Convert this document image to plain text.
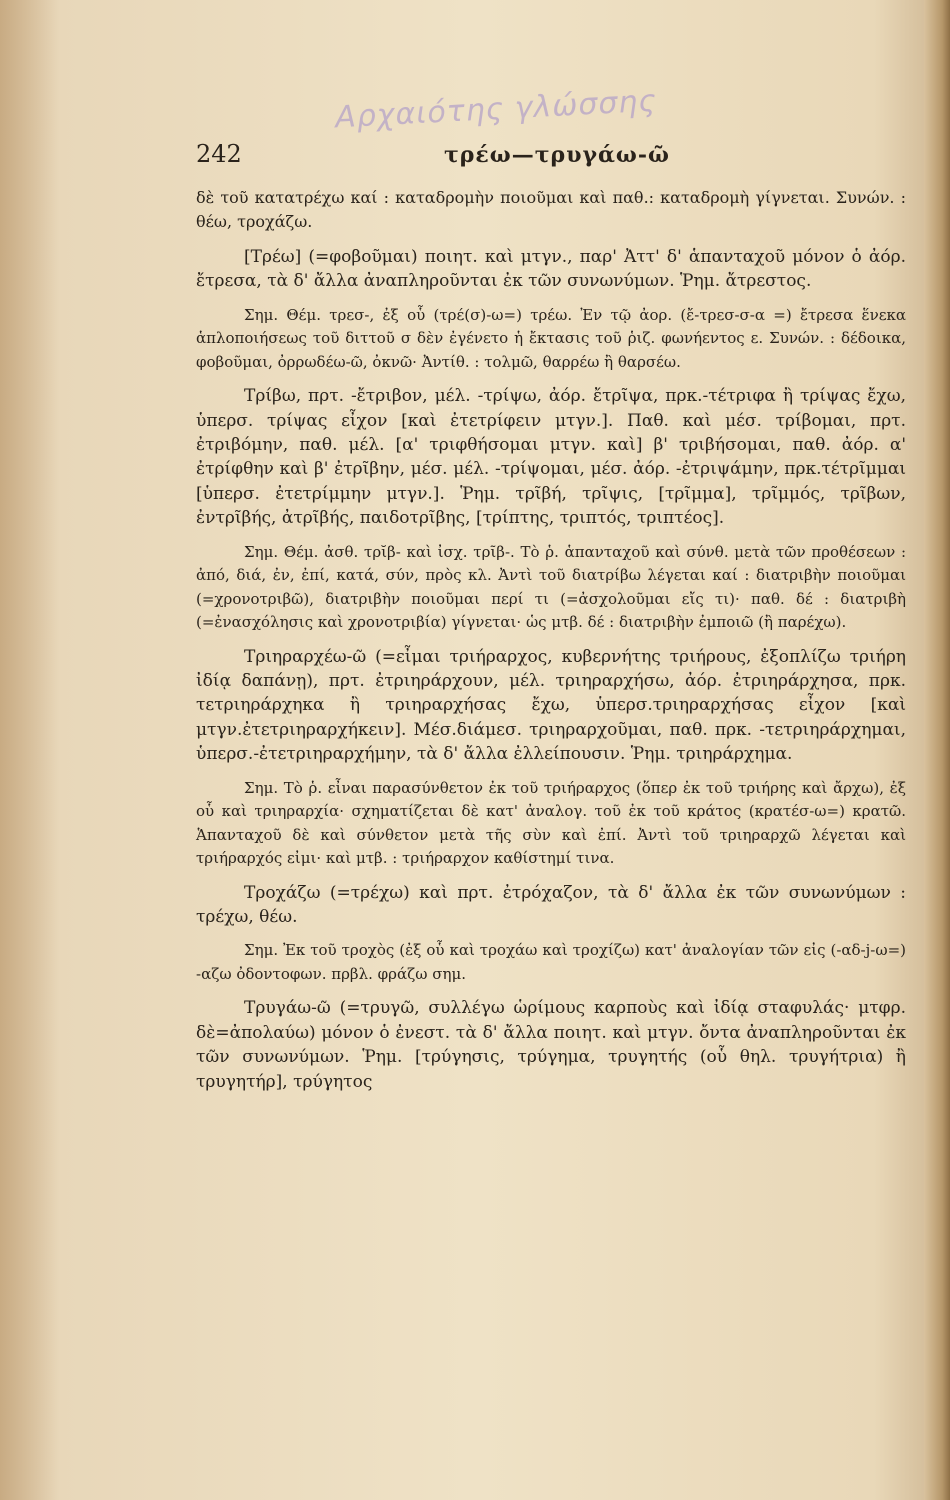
Αρχαιότης γλώσσης
242	τρέω—τρυγάω-ῶ

δὲ τοῦ κατατρέχω καί : καταδρομὴν ποιοῦμαι καὶ παθ.: καταδρομὴ γίγνεται. Συνών. : θέω, τροχάζω.

[Τρέω] (=φοβοῦμαι) ποιητ. καὶ μτγν., παρ' Ἀττ' δ' ἁπανταχοῦ μόνον ὁ ἀόρ. ἔτρεσα, τὰ δ' ἄλλα ἀναπληροῦνται ἐκ τῶν συνωνύμων. Ῥημ. ἄτρεστος.

Σημ. Θέμ. τρεσ-, ἐξ οὗ (τρέ(σ)-ω=) τρέω. Ἐν τῷ ἀορ. (ἔ-τρεσ-σ-α =) ἔτρεσα ἕνεκα ἁπλοποιήσεως τοῦ διττοῦ σ δὲν ἐγένετο ἡ ἔκτασις τοῦ ῥιζ. φωνήεντος ε. Συνών. : δέδοικα, φοβοῦμαι, ὀρρωδέω-ῶ, ὀκνῶ· Ἀντίθ. : τολμῶ, θαρρέω ἢ θαρσέω.

Τρίβω, πρτ. -ἔτριβον, μέλ. -τρίψω, ἀόρ. ἔτρῖψα, πρκ.-τέτριφα ἢ τρίψας ἔχω, ὑπερσ. τρίψας εἶχον [καὶ ἐτετρίφειν μτγν.]. Παθ. καὶ μέσ. τρίβομαι, πρτ. ἐτριβόμην, παθ. μέλ. [α' τριφθήσομαι μτγν. καὶ] β' τριβήσομαι, παθ. ἀόρ. α' ἐτρίφθην καὶ β' ἐτρῖβην, μέσ. μέλ. -τρίψομαι, μέσ. ἀόρ. -ἐτριψάμην, πρκ.τέτρῖμμαι [ὑπερσ. ἐτετρίμμην μτγν.]. Ῥημ. τρῖβή, τρῖψις, [τρῖμμα], τρῖμμός, τρῖβων, ἐντρῖβής, ἀτρῖβής, παιδοτρῖβης, [τρίπτης, τριπτός, τριπτέος].

Σημ. Θέμ. ἀσθ. τρῐβ- καὶ ἰσχ. τρῖβ-. Τὸ ῥ. ἁπανταχοῦ καὶ σύνθ. μετὰ τῶν προθέσεων : ἀπό, διά, ἐν, ἐπί, κατά, σύν, πρὸς κλ. Ἀντὶ τοῦ διατρίβω λέγεται καί : διατριβὴν ποιοῦμαι (=χρονοτριβῶ), διατριβὴν ποιοῦμαι περί τι (=ἀσχολοῦμαι εἴς τι)· παθ. δέ : διατριβὴ (=ἐνασχόλησις καὶ χρονοτριβία) γίγνεται· ὡς μτβ. δέ : διατριβὴν ἐμποιῶ (ἢ παρέχω).

Τριηραρχέω-ῶ (=εἶμαι τριήραρχος, κυβερνήτης τριήρους, ἐξοπλίζω τριήρη ἰδίᾳ δαπάνῃ), πρτ. ἐτριηράρχουν, μέλ. τριηραρχήσω, ἀόρ. ἐτριηράρχησα, πρκ. τετριηράρχηκα ἢ τριηραρχήσας ἔχω, ὑπερσ.τριηραρχήσας εἶχον [καὶ μτγν.ἐτετριηραρχήκειν]. Μέσ.διάμεσ. τριηραρχοῦμαι, παθ. πρκ. -τετριηράρχημαι, ὑπερσ.-ἐτετριηραρχήμην, τὰ δ' ἄλλα ἐλλείπουσιν. Ῥημ. τριηράρχημα.

Σημ. Τὸ ῥ. εἶναι παρασύνθετον ἐκ τοῦ τριήραρχος (ὅπερ ἐκ τοῦ τριήρης καὶ ἄρχω), ἐξ οὗ καὶ τριηραρχία· σχηματίζεται δὲ κατ' ἀναλογ. τοῦ ἐκ τοῦ κράτος (κρατέσ-ω=) κρατῶ. Ἁπανταχοῦ δὲ καὶ σύνθετον μετὰ τῆς σὺν καὶ ἐπί. Ἀντὶ τοῦ τριηραρχῶ λέγεται καὶ τριήραρχός εἰμι· καὶ μτβ. : τριήραρχον καθίστημί τινα.

Τροχάζω (=τρέχω) καὶ πρτ. ἐτρόχαζον, τὰ δ' ἄλλα ἐκ τῶν συνωνύμων : τρέχω, θέω.

Σημ. Ἐκ τοῦ τροχὸς (ἐξ οὗ καὶ τροχάω καὶ τροχίζω) κατ' ἀναλογίαν τῶν εἰς (-αδ-j-ω=) -αζω ὀδοντοφων. πρβλ. φράζω σημ.

Τρυγάω-ῶ (=τρυγῶ, συλλέγω ὡρίμους καρποὺς καὶ ἰδίᾳ σταφυλάς· μτφρ. δὲ=ἀπολαύω) μόνον ὁ ἐνεστ. τὰ δ' ἄλλα ποιητ. καὶ μτγν. ὄντα ἀναπληροῦνται ἐκ τῶν συνωνύμων. Ῥημ. [τρύγησις, τρύγημα, τρυγητής (οὗ θηλ. τρυγήτρια) ἢ τρυγητήρ], τρύγητος
